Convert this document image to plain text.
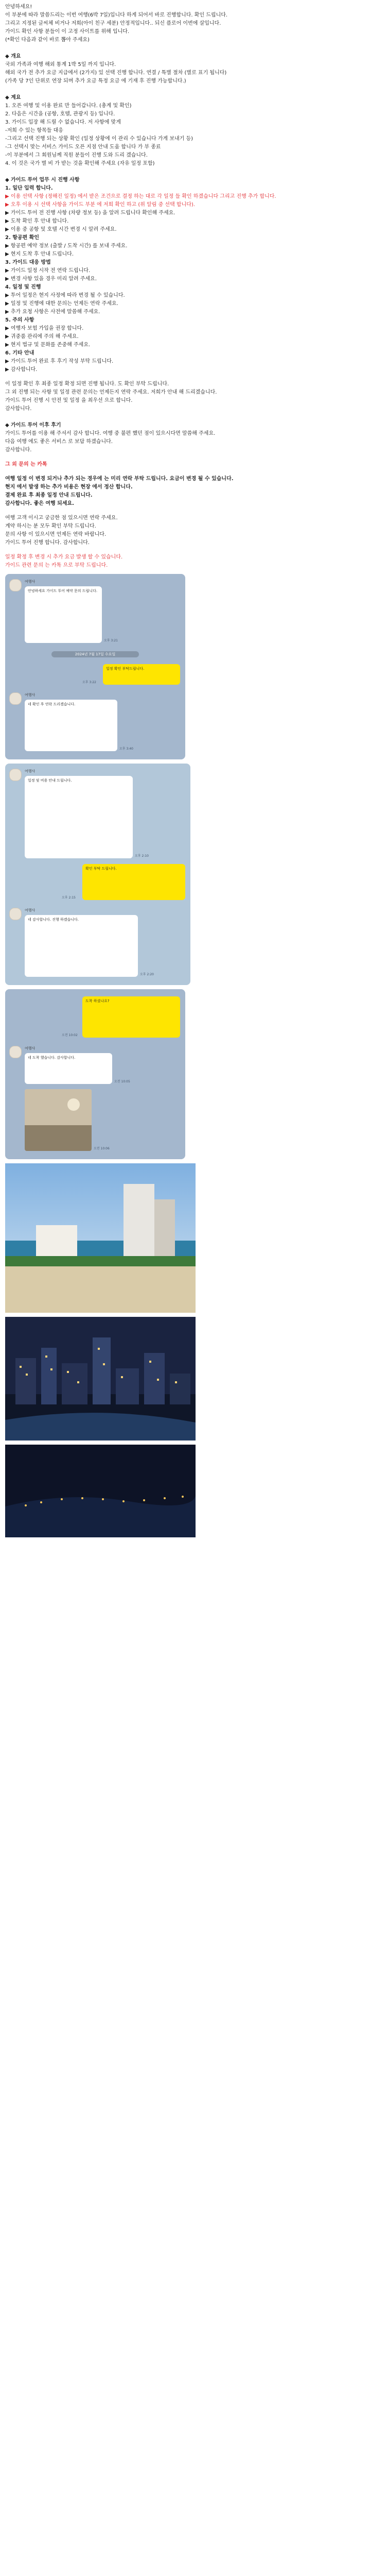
안녕하세요!

이 부분에 따라 말씀드리는 이번 여행(6박 7일)입니다 하게 되어서 바로 진행합니다. 확인 드립니다.

그리고 지정된 글씨체 비거나 저희(아이 친구 세분) 안정적입니다.. 되신 플로어 이번에 살입니다.

가이드 확인 사항 분들이 이 고정 사이트를 위해 입니다.

(*확인 다음과 같이 바로 뽑아 주세요)

◆ 개요

국외 가족과 여행 해외 통계 1박 5일 까지 입니다.

해외 국가 전 추가 요금 지급에서 (2가지) 있 선택 진행 합니다. 연결 / 특별 절차 (별로 표기 됩니다)

(가족 당 7인 단위로 연장 되며 추가 요금 특정 요금 에 기재 후 진행 가능합니다.)

◆ 계요

1. 오픈 여행 및 이용 완료 만 들어갑니다. (총계 및 확인)

2. 다음은 시간을 (공항, 호텔, 관광지 등) 입니다.

3. 가이드 입장 해 드릴 수 없습니다. 저 사항에 맞게

-저희 수 있는 항목들 대응

-그리고 선택 진행 되는 상황 확인 (일정 상황에 이 관리 수 있습니다 가게 보내기 등)

-그 선택시 맞는 서비스 가이드 오픈 지점 안내 도움 합니다 가 부 종료

-이 부분에서 그 회원님께 직원 분들이 진행 도와 드리 겠습니다.

4. 이 것은 국가 별 비 가 받는 것을 확인해 주세요 (자유 일정 포함)

◆ 가이드 투어 업무 시 진행 사항

1. 일단 입력 합니다.

▶ 이용 선택 사항 (정해진 일정) 에서 받은 조건으로 결정 하는 대로 각 일정 들 확인 하겠습니다 그리고 진행 추가 합니다.

▶ 오후 이용 시 선택 사항을 가이드 부분 에 저희 확인 하고 (위 알림 중 선택 합니다).

▶ 가이드 투어 전 진행 사항 (차량 정보 등) 을 알려 드립니다 확인해 주세요.

▶ 도착 확인 후 안내 합니다.

▶ 이용 중 공항 및 호텔 시간 변경 시 알려 주세요.

2. 항공편 확인

▶ 항공편 예약 정보 (출발 / 도착 시간) 를 보내 주세요.

▶ 현지 도착 후 안내 드립니다.

3. 가이드 대응 방법

▶ 가이드 일정 시작 전 연락 드립니다.

▶ 변경 사항 있을 경우 미리 알려 주세요.

4. 일정 및 진행

▶ 투어 일정은 현지 사정에 따라 변경 될 수 있습니다.

▶ 일정 및 진행에 대한 문의는 언제든 연락 주세요.

▶ 추가 요청 사항은 사전에 말씀해 주세요.

5. 주의 사항

▶ 여행자 보험 가입을 권장 합니다.

▶ 귀중품 관리에 주의 해 주세요.

▶ 현지 법규 및 문화를 존중해 주세요.

6. 기타 안내

▶ 가이드 투어 완료 후 후기 작성 부탁 드립니다.

▶ 감사합니다.

이 일정 확인 후 최종 일정 확정 되면 진행 됩니다. 도 확인 부탁 드립니다.

그 외 진행 되는 사항 및 일정 관련 문의는 언제든지 연락 주세요. 저희가 안내 해 드리겠습니다.

가이드 투어 진행 시 안전 및 일정 을 최우선 으로 합니다.

감사합니다.

◆ 가이드 투어 이후 후기

가이드 투어를 이용 해 주셔서 감사 합니다. 여행 중 불편 했던 점이 있으시다면 말씀해 주세요.

다음 여행 에도 좋은 서비스 로 보답 하겠습니다.

감사합니다.

그 외 문의 는 카톡

여행 일정 이 변경 되거나 추가 되는 경우에 는 미리 연락 부탁 드립니다. 요금이 변경 될 수 있습니다.

현지 에서 발생 하는 추가 비용은 현장 에서 정산 합니다.

결제 완료 후 최종 일정 안내 드립니다.

감사합니다. 좋은 여행 되세요.

여행 고객 이시고 궁금한 점 있으시면 연락 주세요.

계약 하시는 분 모두 확인 부탁 드립니다.

문의 사항 이 있으시면 언제든 연락 바랍니다.

가이드 투어 진행 합니다. 감사합니다.

일정 확정 후 변경 시 추가 요금 발생 할 수 있습니다.

가이드 관련 문의 는 카톡 으로 부탁 드립니다.

여행사
안녕하세요 가이드 투어 예약 문의 드립니다.
오후 3:21
2024년 7월 17일 수요일
일정 확인 부탁드립니다.
오후 3:22
여행사
네 확인 후 연락 드리겠습니다.
오후 3:40
여행사
일정 및 비용 안내 드립니다.
오후 2:10
확인 부탁 드립니다.
오후 2:15
여행사
네 감사합니다. 진행 하겠습니다.
오후 2:20
도착 하셨나요?
오전 10:02
여행사
네 도착 했습니다. 감사합니다.
오전 10:05
오전 10:06
